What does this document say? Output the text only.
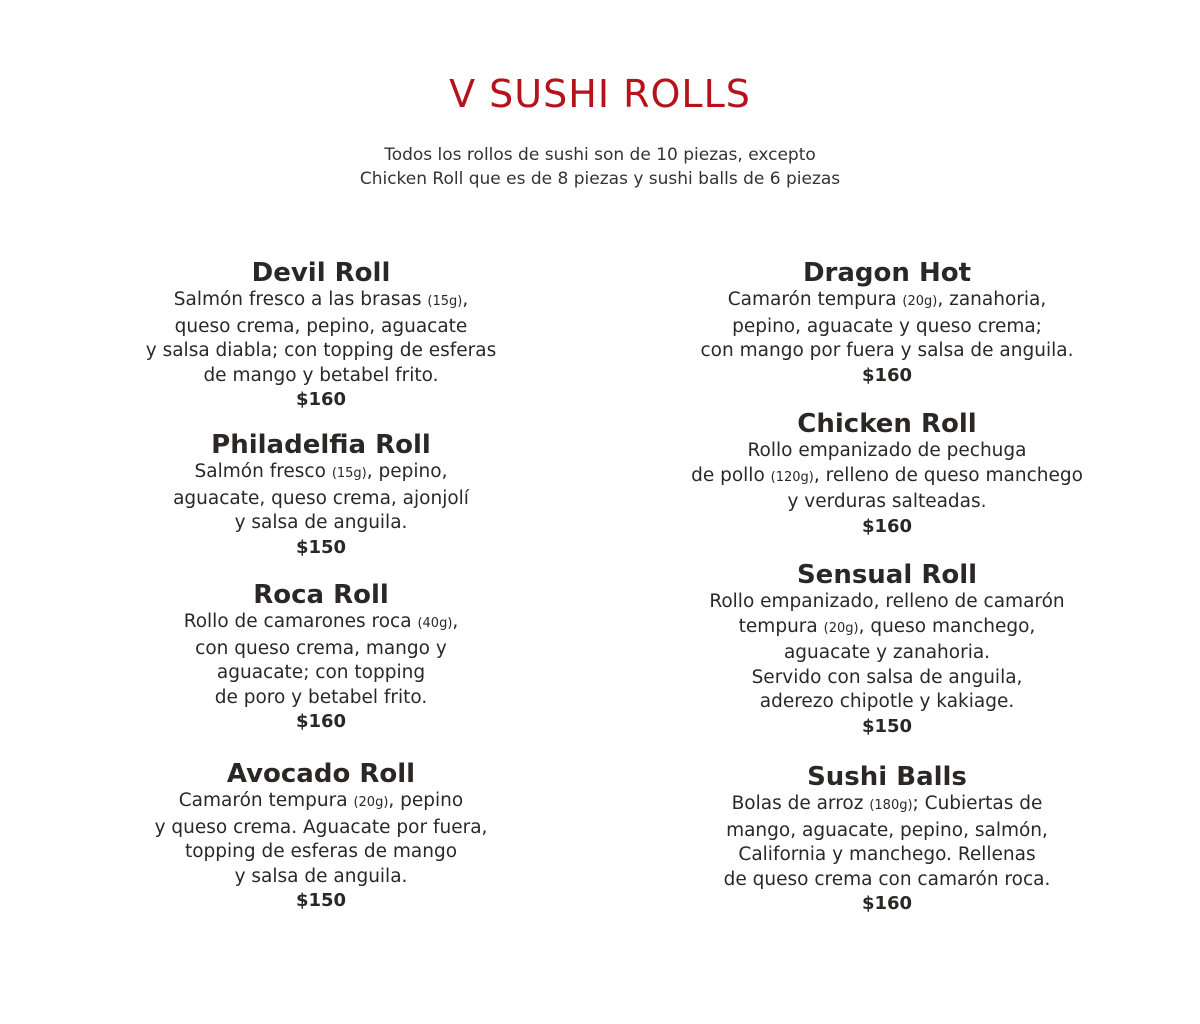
V SUSHI ROLLS
Todos los rollos de sushi son de 10 piezas, excepto
Chicken Roll que es de 8 piezas y sushi balls de 6 piezas
Devil Roll
Salmón fresco a las brasas (15g),
queso crema, pepino, aguacate
y salsa diabla; con topping de esferas
de mango y betabel frito.
$160
Philadelfia Roll
Salmón fresco (15g), pepino,
aguacate, queso crema, ajonjolí
y salsa de anguila.
$150
Roca Roll
Rollo de camarones roca (40g),
con queso crema, mango y
aguacate; con topping
de poro y betabel frito.
$160
Avocado Roll
Camarón tempura (20g), pepino
y queso crema. Aguacate por fuera,
topping de esferas de mango
y salsa de anguila.
$150
Dragon Hot
Camarón tempura (20g), zanahoria,
pepino, aguacate y queso crema;
con mango por fuera y salsa de anguila.
$160
Chicken Roll
Rollo empanizado de pechuga
de pollo (120g), relleno de queso manchego
y verduras salteadas.
$160
Sensual Roll
Rollo empanizado, relleno de camarón
tempura (20g), queso manchego,
aguacate y zanahoria.
Servido con salsa de anguila,
aderezo chipotle y kakiage.
$150
Sushi Balls
Bolas de arroz (180g); Cubiertas de
mango, aguacate, pepino, salmón,
California y manchego. Rellenas
de queso crema con camarón roca.
$160
